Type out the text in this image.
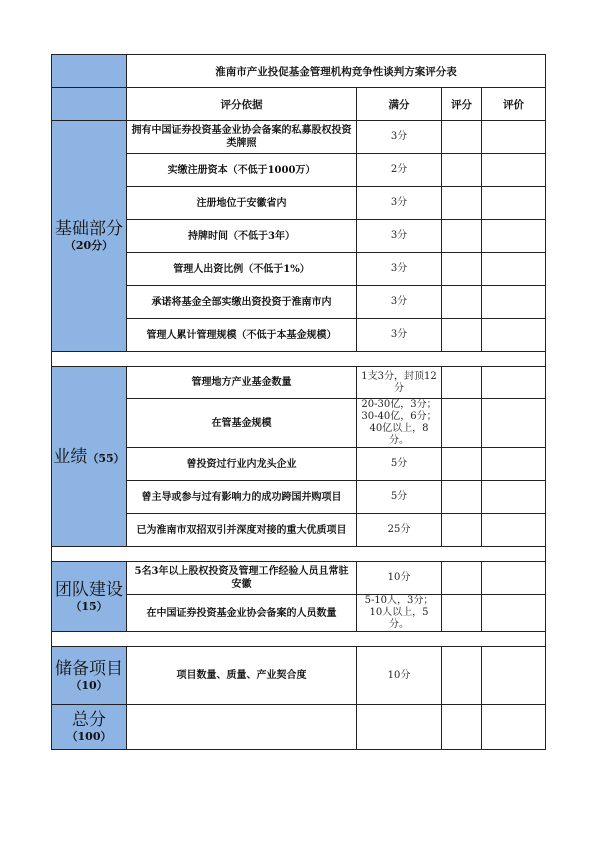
	淮南市产业投促基金管理机构竞争性谈判方案评分表			
	评分依据	满分	评分	评价

基础部分
（20分）	拥有中国证券投资基金业协会备案的私募股权投资类牌照	3分		
	实缴注册资本（不低于1000万）	2分		
	注册地位于安徽省内	3分		
	持牌时间（不低于3年）	3分		
	管理人出资比例（不低于1%）	3分		
	承诺将基金全部实缴出资投资于淮南市内	3分		
	管理人累计管理规模（不低于本基金规模）	3分		

业绩（55）	管理地方产业基金数量	1支3分，封顶12分		
	在管基金规模	20-30亿，3分；30-40亿，6分；40亿以上，8分。		
	曾投资过行业内龙头企业	5分		
	曾主导或参与过有影响力的成功跨国并购项目	5分		
	已为淮南市双招双引并深度对接的重大优质项目	25分		

团队建设
（15）	5名3年以上股权投资及管理工作经验人员且常驻安徽	10分		
	在中国证券投资基金业协会备案的人员数量	5-10人，3分；10人以上，5分。		

储备项目
（10）	项目数量、质量、产业契合度	10分		

总分
（100）				
